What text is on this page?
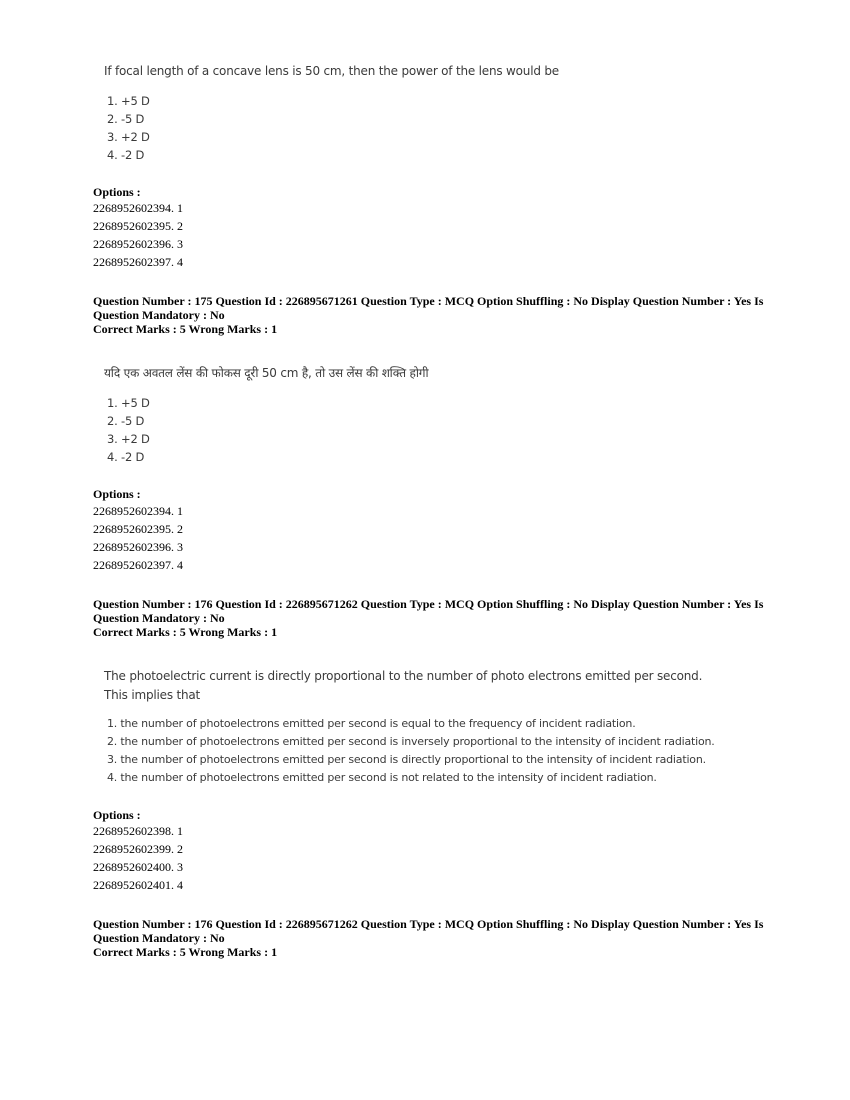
If focal length of a concave lens is 50 cm, then the power of the lens would be
1. +5 D
2. -5 D
3. +2 D
4. -2 D
Options :
2268952602394. 1
2268952602395. 2
2268952602396. 3
2268952602397. 4
Question Number : 175 Question Id : 226895671261 Question Type : MCQ Option Shuffling : No Display Question Number : Yes Is
Question Mandatory : No
Correct Marks : 5 Wrong Marks : 1
यदि एक अवतल लेंस की फोकस दूरी 50 cm है, तो उस लेंस की शक्ति होगी
1. +5 D
2. -5 D
3. +2 D
4. -2 D
Options :
2268952602394. 1
2268952602395. 2
2268952602396. 3
2268952602397. 4
Question Number : 176 Question Id : 226895671262 Question Type : MCQ Option Shuffling : No Display Question Number : Yes Is
Question Mandatory : No
Correct Marks : 5 Wrong Marks : 1
The photoelectric current is directly proportional to the number of photo electrons emitted per second. This implies that
1. the number of photoelectrons emitted per second is equal to the frequency of incident radiation.
2. the number of photoelectrons emitted per second is inversely proportional to the intensity of incident radiation.
3. the number of photoelectrons emitted per second is directly proportional to the intensity of incident radiation.
4. the number of photoelectrons emitted per second is not related to the intensity of incident radiation.
Options :
2268952602398. 1
2268952602399. 2
2268952602400. 3
2268952602401. 4
Question Number : 176 Question Id : 226895671262 Question Type : MCQ Option Shuffling : No Display Question Number : Yes Is
Question Mandatory : No
Correct Marks : 5 Wrong Marks : 1
